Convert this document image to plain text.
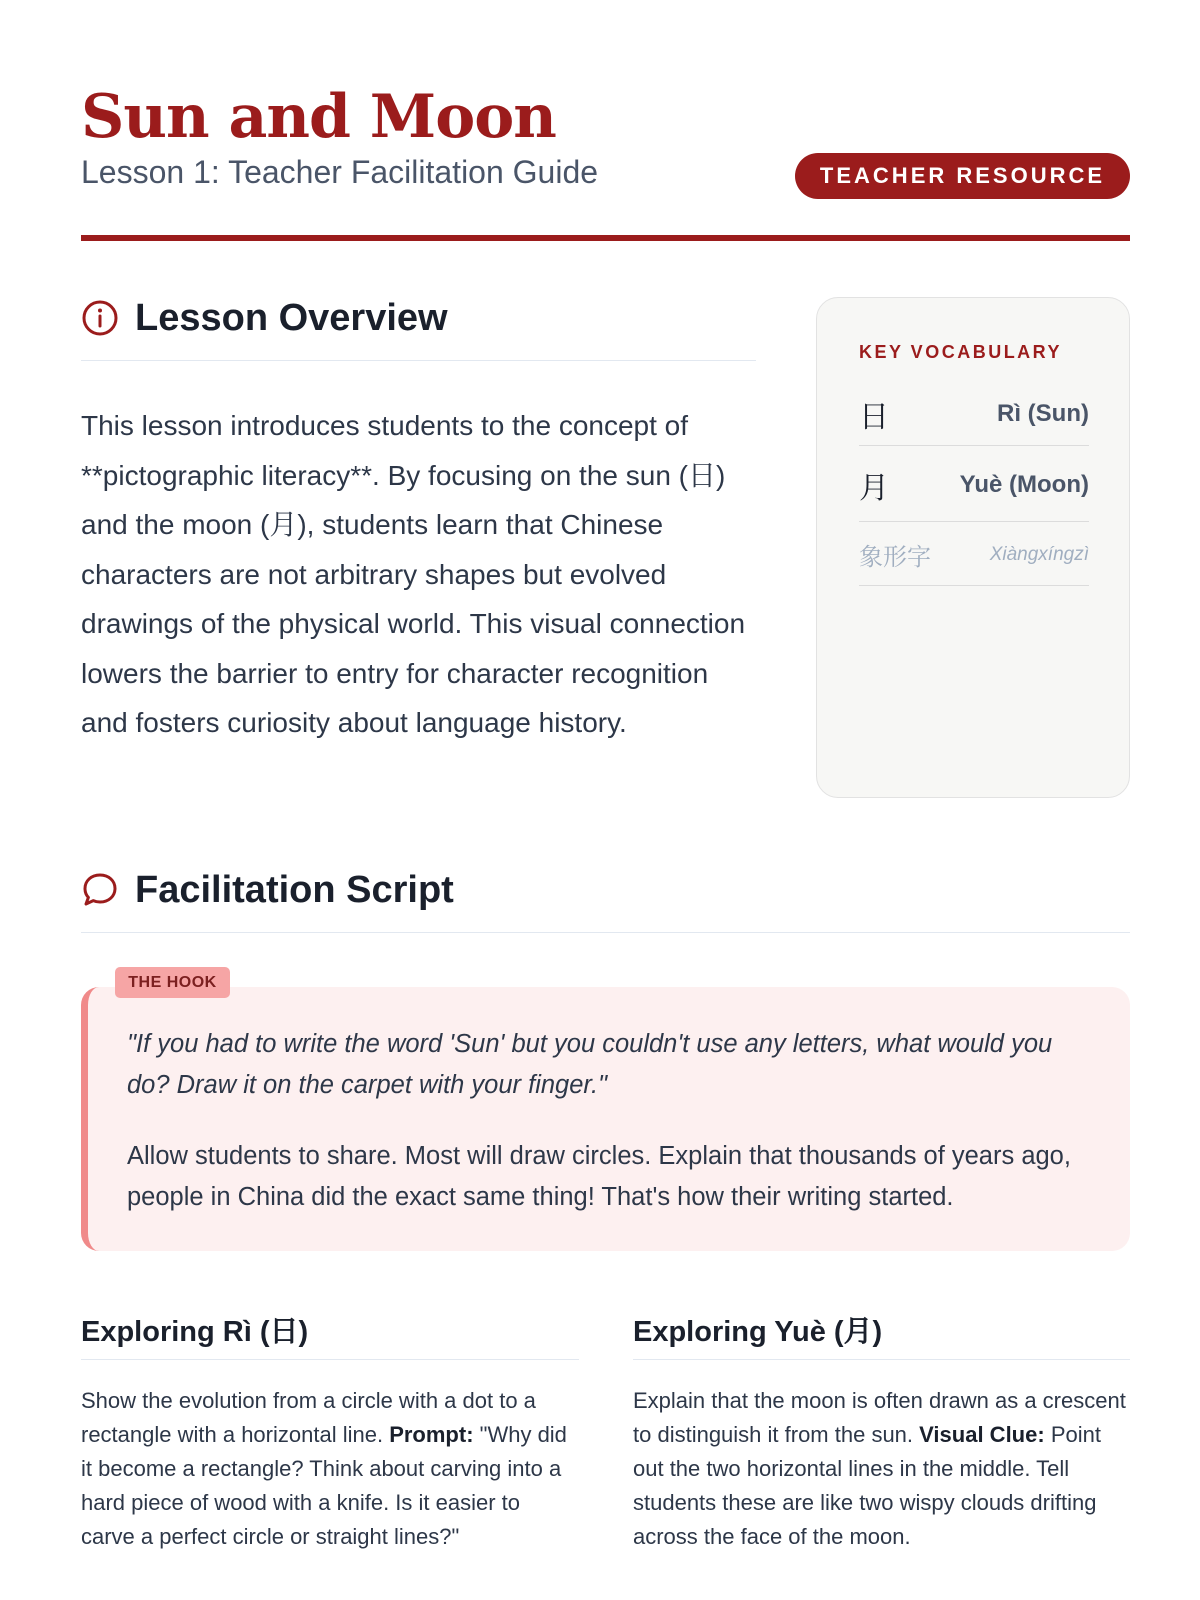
Sun and Moon
Lesson 1: Teacher Facilitation Guide	TEACHER RESOURCE
Lesson Overview

This lesson introduces students to the concept of **pictographic literacy**. By focusing on the sun (日) and the moon (月), students learn that Chinese characters are not arbitrary shapes but evolved drawings of the physical world. This visual connection lowers the barrier to entry for character recognition and fosters curiosity about language history.

KEY VOCABULARY
日	Rì (Sun)
月	Yuè (Moon)
象形字	Xiàngxíngzì
Facilitation Script
THE HOOK

"If you had to write the word 'Sun' but you couldn't use any letters, what would you do? Draw it on the carpet with your finger."

Allow students to share. Most will draw circles. Explain that thousands of years ago, people in China did the exact same thing! That's how their writing started.

Exploring Rì (日)

Show the evolution from a circle with a dot to a rectangle with a horizontal line. Prompt: "Why did it become a rectangle? Think about carving into a hard piece of wood with a knife. Is it easier to carve a perfect circle or straight lines?"

Exploring Yuè (月)

Explain that the moon is often drawn as a crescent to distinguish it from the sun. Visual Clue: Point out the two horizontal lines in the middle. Tell students these are like two wispy clouds drifting across the face of the moon.
